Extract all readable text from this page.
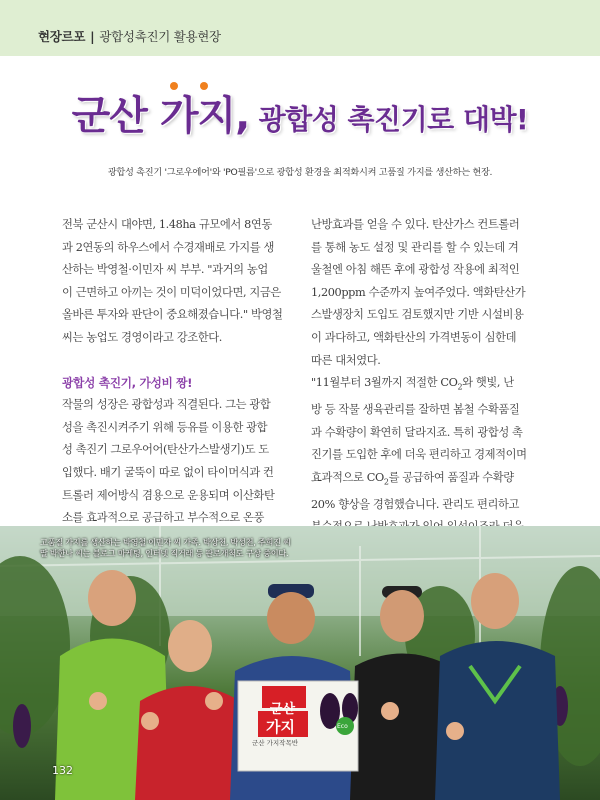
현장르포 | 광합성촉진기 활용현장
군산 가지, 광합성 촉진기로 대박!
광합성 촉진기 '그로우에어'와 'PO필름'으로 광합성 환경을 최적화시켜 고품질 가지를 생산하는 현장.

전북 군산시 대야면, 1.48ha 규모에서 8연동
과 2연동의 하우스에서 수경재배로 가지를 생
산하는 박영철·이민자 씨 부부. "과거의 농업
이 근면하고 아끼는 것이 미덕이었다면, 지금은
올바른 투자와 판단이 중요해졌습니다." 박영철
씨는 농업도 경영이라고 강조한다.

광합성 촉진기, 가성비 짱!

작물의 성장은 광합성과 직결된다. 그는 광합
성을 촉진시켜주기 위해 등유를 이용한 광합
성 촉진기 그로우어어(탄산가스발생기)도 도
입했다. 배기 굴뚝이 따로 없이 타이머식과 컨
트롤러 제어방식 겸용으로 운용되며 이산화탄
소를 효과적으로 공급하고 부수적으로 온풍

난방효과를 얻을 수 있다. 탄산가스 컨트롤러
를 통해 농도 설정 및 관리를 할 수 있는데 겨
울철엔 아침 해뜬 후에 광합성 작용에 최적인
1,200ppm 수준까지 높여주었다. 액화탄산가
스발생장치 도입도 검토했지만 기반 시설비용
이 과다하고, 액화탄산의 가격변동이 심한데
따른 대처였다.

"11월부터 3월까지 적절한 $CO_2$와 햇빛, 난
방 등 작물 생육관리를 잘하면 봄철 수확품질
과 수확량이 확연히 달라지죠. 특히 광합성 촉
진기를 도입한 후에 더욱 편리하고 경제적이며
효과적으로 $CO_2$를 공급하여 품질과 수확량
20% 향상을 경험했습니다. 관리도 편리하고

고품질 가지를 생산하는 박영철·이민자 씨 가족. 박상천, 박성천, 주희진 씨
딸 박한나 씨는 블로그 마케팅, 인터넷 직거래 등 판로개척도 구상 중이다.
군산
가지
군산 가지작목반
Eco
132
